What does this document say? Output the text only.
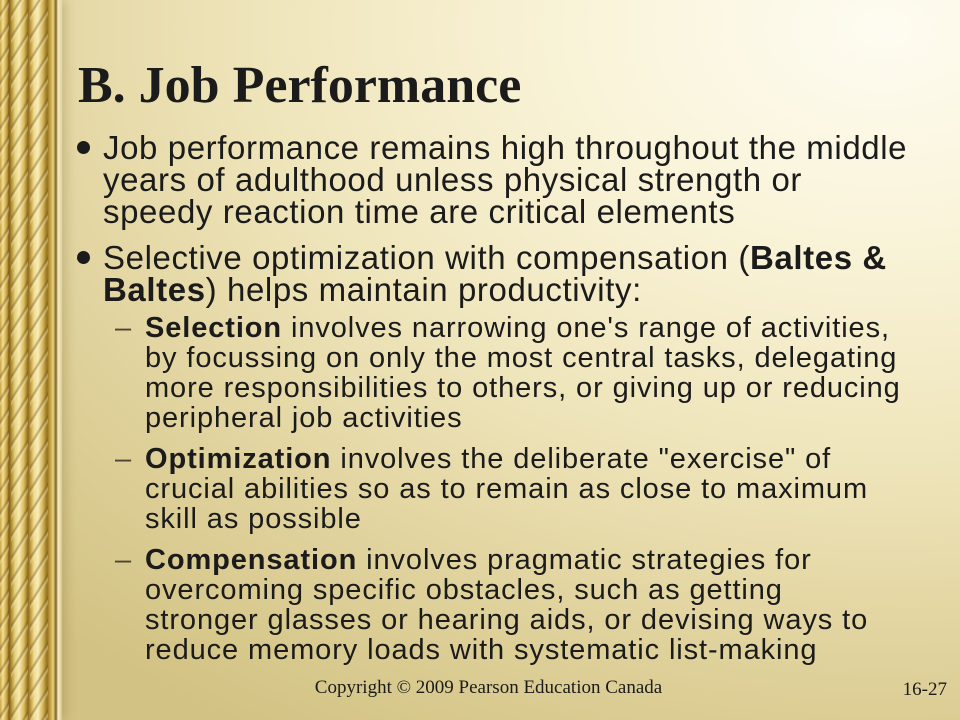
B. Job Performance
Job performance remains high throughout the middle
years of adulthood unless physical strength or
speedy reaction time are critical elements
Selective optimization with compensation (Baltes &
Baltes) helps maintain productivity:
– Selection involves narrowing one's range of activities,
by focussing on only the most central tasks, delegating
more responsibilities to others, or giving up or reducing
peripheral job activities
– Optimization involves the deliberate "exercise" of
crucial abilities so as to remain as close to maximum
skill as possible
– Compensation involves pragmatic strategies for
overcoming specific obstacles, such as getting
stronger glasses or hearing aids, or devising ways to
reduce memory loads with systematic list-making
Copyright © 2009 Pearson Education Canada	16-27
